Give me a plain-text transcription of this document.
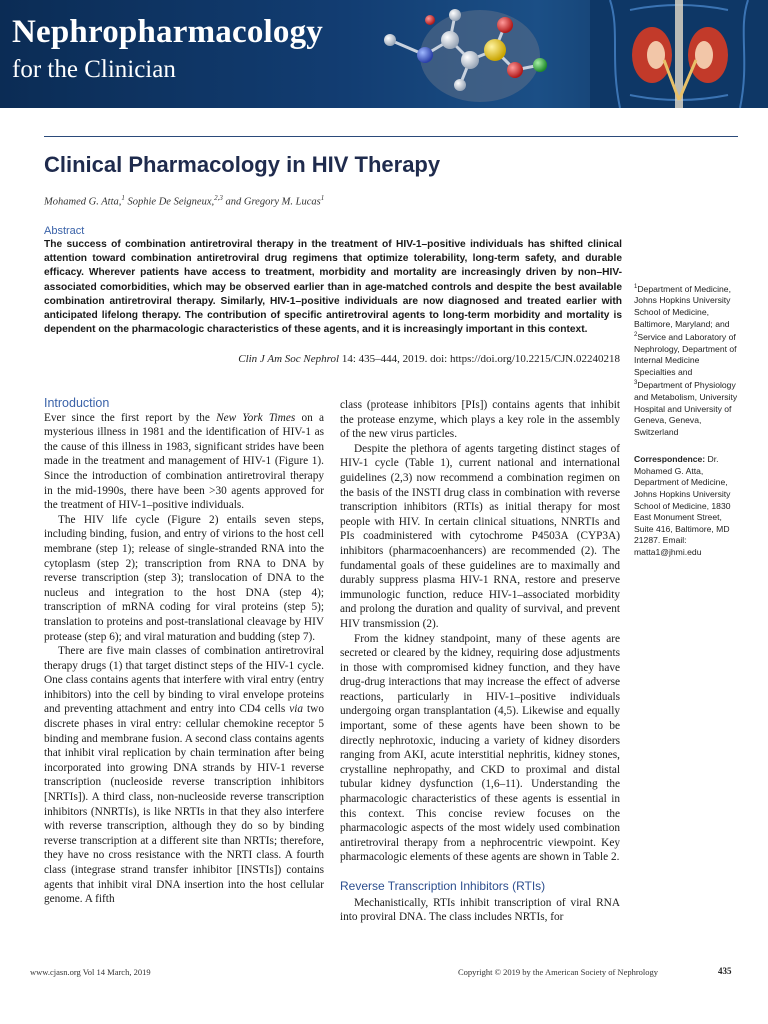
Nephropharmacology
for the Clinician
Clinical Pharmacology in HIV Therapy
Mohamed G. Atta,$^1$ Sophie De Seigneux,$^{2,3}$ and Gregory M. Lucas$^1$
Abstract

The success of combination antiretroviral therapy in the treatment of HIV-1–positive individuals has shifted clinical attention toward combination antiretroviral drug regimens that optimize tolerability, long-term safety, and durable efficacy. Wherever patients have access to treatment, morbidity and mortality are increasingly driven by non–HIV-associated comorbidities, which may be observed earlier than in age-matched controls and despite the best available combination antiretroviral therapy. Similarly, HIV-1–positive individuals are now diagnosed and treated earlier with anticipated lifelong therapy. The contribution of specific antiretroviral agents to long-term morbidity and mortality is dependent on the pharmacologic characteristics of these agents, and it is increasingly important in this context.

Clin J Am Soc Nephrol 14: 435–444, 2019. doi: https://doi.org/10.2215/CJN.02240218

$^1$Department of Medicine, Johns Hopkins University School of Medicine, Baltimore, Maryland; and $^2$Service and Laboratory of Nephrology, Department of Internal Medicine Specialties and $^3$Department of Physiology and Metabolism, University Hospital and University of Geneva, Geneva, Switzerland

Correspondence: Dr. Mohamed G. Atta, Department of Medicine, Johns Hopkins University School of Medicine, 1830 East Monument Street, Suite 416, Baltimore, MD 21287. Email: matta1@jhmi.edu

Introduction

Ever since the first report by the New York Times on a mysterious illness in 1981 and the identification of HIV-1 as the cause of this illness in 1983, significant strides have been made in the treatment and management of HIV-1 (Figure 1). Since the introduction of combination antiretroviral therapy in the mid-1990s, there have been >30 agents approved for the treatment of HIV-1–positive individuals.

The HIV life cycle (Figure 2) entails seven steps, including binding, fusion, and entry of virions to the host cell membrane (step 1); release of single-stranded RNA into the cytoplasm (step 2); transcription from RNA to DNA by reverse transcription (step 3); translocation of DNA to the nucleus and integration to the host DNA (step 4); transcription of mRNA coding for viral proteins (step 5); translation to proteins and post-translational cleavage by HIV protease (step 6); and viral maturation and budding (step 7).

There are five main classes of combination antiretroviral therapy drugs (1) that target distinct steps of the HIV-1 cycle. One class contains agents that interfere with viral entry (entry inhibitors) into the cell by binding to viral envelope proteins and preventing attachment and entry into CD4 cells via two discrete phases in viral entry: cellular chemokine receptor 5 binding and membrane fusion. A second class contains agents that inhibit viral replication by chain termination after being incorporated into growing DNA strands by HIV-1 reverse transcription (nucleoside reverse transcription inhibitors [NRTIs]). A third class, non-nucleoside reverse transcription inhibitors (NNRTIs), is like NRTIs in that they also interfere with reverse transcription, although they do so by binding reverse transcription at a different site than NRTIs; therefore, they have no cross resistance with the NRTI class. A fourth class (integrase strand transfer inhibitor [INSTIs]) contains agents that inhibit viral DNA insertion into the host cellular genome. A fifth

class (protease inhibitors [PIs]) contains agents that inhibit the protease enzyme, which plays a key role in the assembly of the new virus particles.

Despite the plethora of agents targeting distinct stages of HIV-1 cycle (Table 1), current national and international guidelines (2,3) now recommend a combination regimen on the basis of the INSTI drug class in combination with reverse transcription inhibitors (RTIs) as initial therapy for most people with HIV. In certain clinical situations, NNRTIs and PIs coadministered with cytochrome P4503A (CYP3A) inhibitors (pharmacoenhancers) are recommended (2). The fundamental goals of these guidelines are to maximally and durably suppress plasma HIV-1 RNA, restore and preserve immunologic function, reduce HIV-1–associated morbidity and prolong the duration and quality of survival, and prevent HIV transmission (2).

From the kidney standpoint, many of these agents are secreted or cleared by the kidney, requiring dose adjustments in those with compromised kidney function, and they have drug-drug interactions that may increase the effect of adverse reactions, particularly in HIV-1–positive individuals undergoing organ transplantation (4,5). Likewise and equally important, some of these agents have been shown to be directly nephrotoxic, inducing a variety of kidney disorders ranging from AKI, acute interstitial nephritis, kidney stones, crystalline nephropathy, and CKD to proximal and distal tubular kidney dysfunction (1,6–11). Understanding the pharmacologic characteristics of these agents is essential in this context. This concise review focuses on the pharmacologic aspects of the most widely used combination antiretroviral therapy from a nephrocentric viewpoint. Key pharmacologic elements of these agents are shown in Table 2.

Reverse Transcription Inhibitors (RTIs)

Mechanistically, RTIs inhibit transcription of viral RNA into proviral DNA. The class includes NRTIs, for

www.cjasn.org Vol 14 March, 2019	Copyright © 2019 by the American Society of Nephrology	435
